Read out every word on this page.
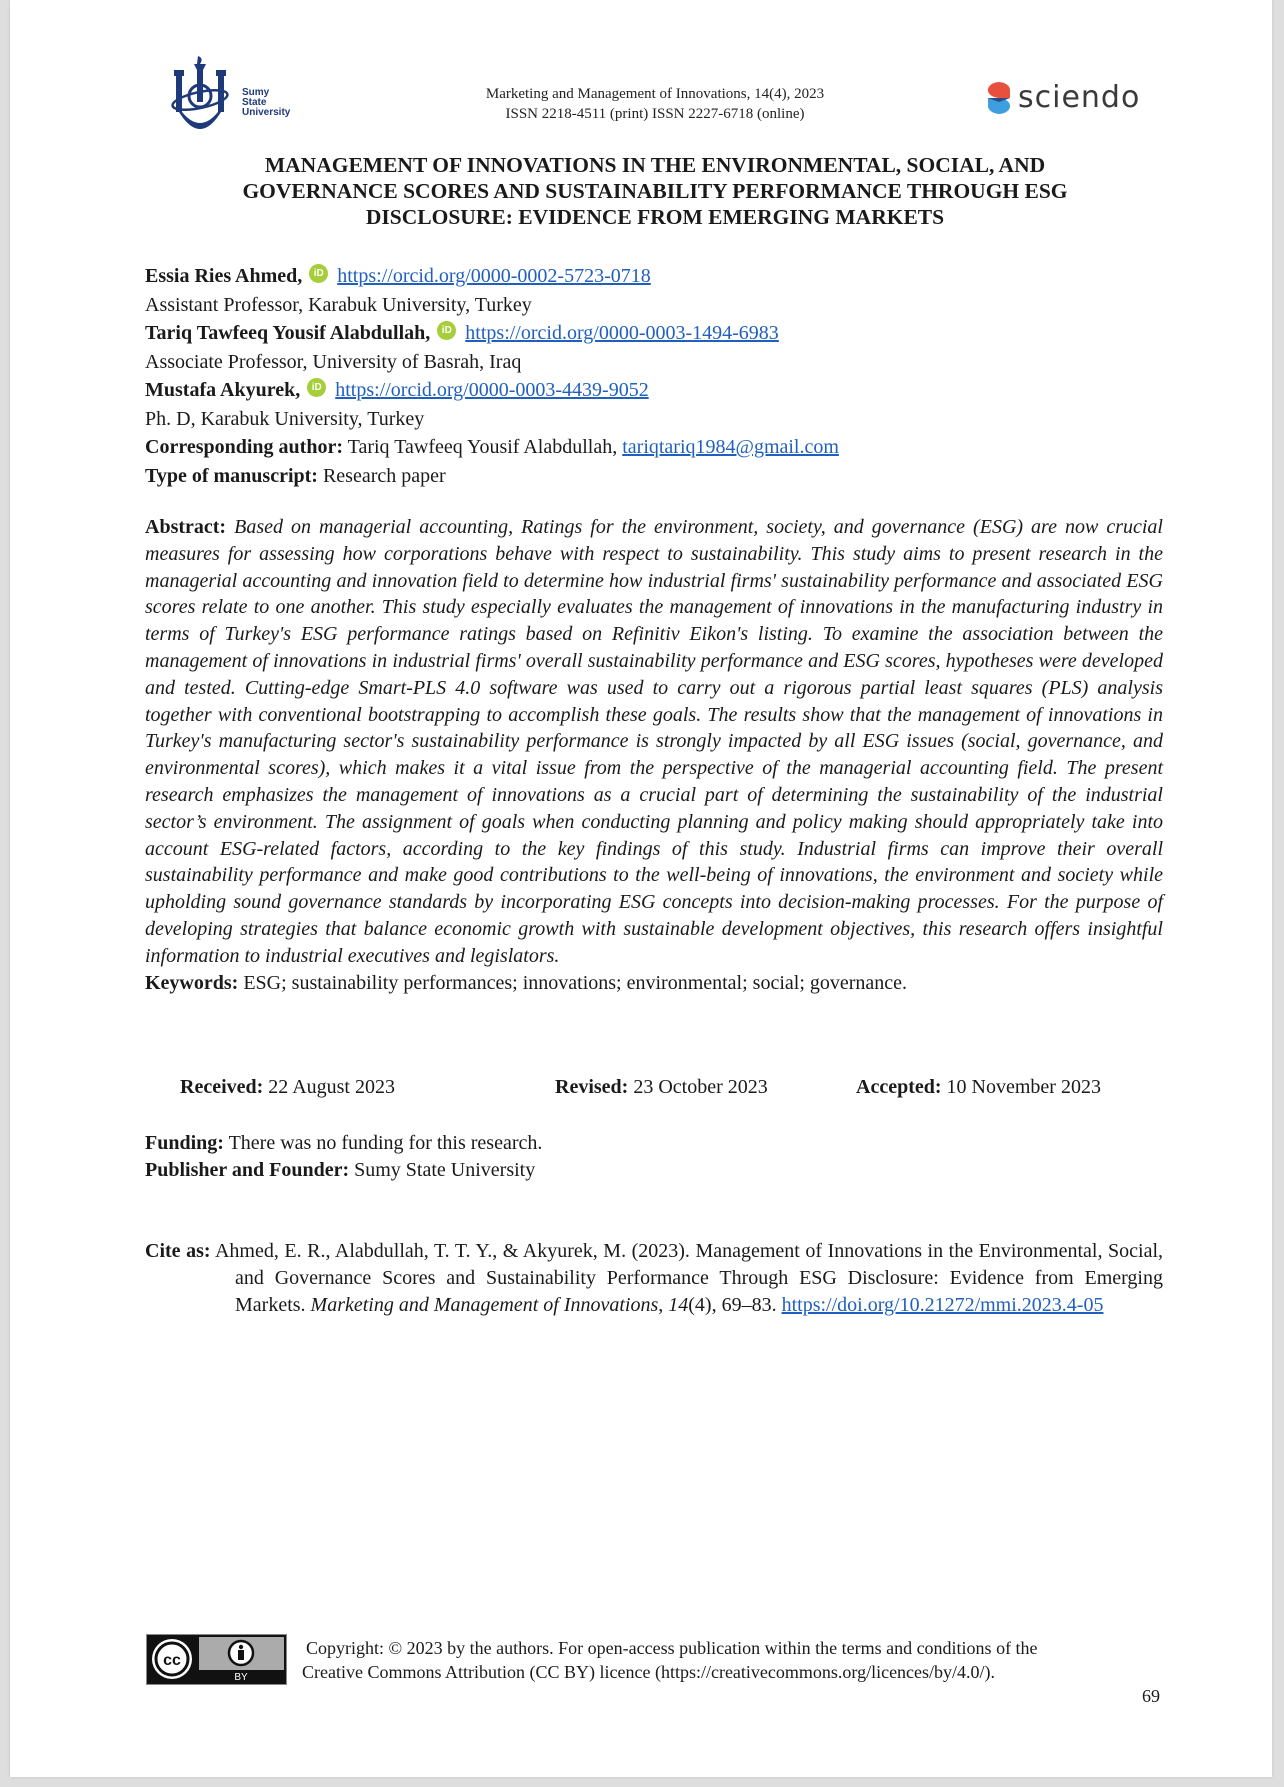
Sumy
State
University
Marketing and Management of Innovations, 14(4), 2023
ISSN 2218-4511 (print) ISSN 2227-6718 (online)	sciendo
MANAGEMENT OF INNOVATIONS IN THE ENVIRONMENTAL, SOCIAL, AND
GOVERNANCE SCORES AND SUSTAINABILITY PERFORMANCE THROUGH ESG
DISCLOSURE: EVIDENCE FROM EMERGING MARKETS
Essia Ries Ahmed, iD https://orcid.org/0000-0002-5723-0718
Assistant Professor, Karabuk University, Turkey
Tariq Tawfeeq Yousif Alabdullah, iD https://orcid.org/0000-0003-1494-6983
Associate Professor, University of Basrah, Iraq
Mustafa Akyurek, iD https://orcid.org/0000-0003-4439-9052
Ph. D, Karabuk University, Turkey
Corresponding author: Tariq Tawfeeq Yousif Alabdullah, tariqtariq1984@gmail.com
Type of manuscript: Research paper
Abstract: Based on managerial accounting, Ratings for the environment, society, and governance (ESG) are now crucial measures for assessing how corporations behave with respect to sustainability. This study aims to present research in the managerial accounting and innovation field to determine how industrial firms' sustainability performance and associated ESG scores relate to one another. This study especially evaluates the management of innovations in the manufacturing industry in terms of Turkey's ESG performance ratings based on Refinitiv Eikon's listing. To examine the association between the management of innovations in industrial firms' overall sustainability performance and ESG scores, hypotheses were developed and tested. Cutting-edge Smart-PLS 4.0 software was used to carry out a rigorous partial least squares (PLS) analysis together with conventional bootstrapping to accomplish these goals. The results show that the management of innovations in Turkey's manufacturing sector's sustainability performance is strongly impacted by all ESG issues (social, governance, and environmental scores), which makes it a vital issue from the perspective of the managerial accounting field. The present research emphasizes the management of innovations as a crucial part of determining the sustainability of the industrial sector’s environment. The assignment of goals when conducting planning and policy making should appropriately take into account ESG-related factors, according to the key findings of this study. Industrial firms can improve their overall sustainability performance and make good contributions to the well-being of innovations, the environment and society while upholding sound governance standards by incorporating ESG concepts into decision-making processes. For the purpose of developing strategies that balance economic growth with sustainable development objectives, this research offers insightful information to industrial executives and legislators.
Keywords: ESG; sustainability performances; innovations; environmental; social; governance.
Received: 22 August 2023	Revised: 23 October 2023	Accepted: 10 November 2023
Funding: There was no funding for this research.
Publisher and Founder: Sumy State University
Cite as: Ahmed, E. R., Alabdullah, T. T. Y., & Akyurek, M. (2023). Management of Innovations in the Environmental, Social, and Governance Scores and Sustainability Performance Through ESG Disclosure: Evidence from Emerging Markets. Marketing and Management of Innovations, 14(4), 69–83. https://doi.org/10.21272/mmi.2023.4-05
cc
BY
Copyright: © 2023 by the authors. For open-access publication within the terms and conditions of the
Creative Commons Attribution (CC BY) licence (https://creativecommons.org/licences/by/4.0/).
69
